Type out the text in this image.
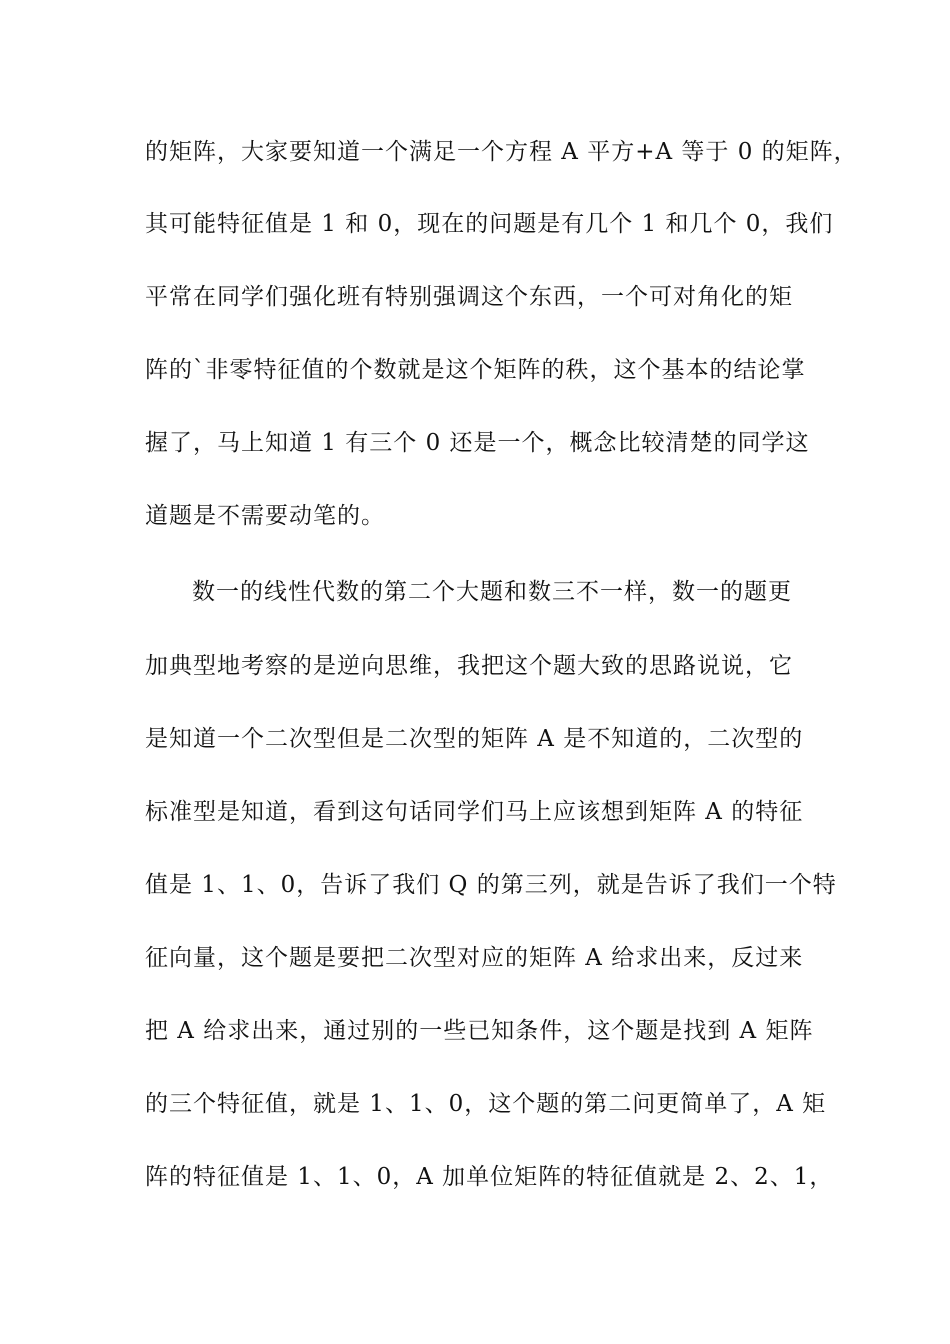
的矩阵，大家要知道一个满足一个方程 A 平方+A 等于 0 的矩阵，
其可能特征值是 1 和 0，现在的问题是有几个 1 和几个 0，我们
平常在同学们强化班有特别强调这个东西，一个可对角化的矩
阵的`非零特征值的个数就是这个矩阵的秩，这个基本的结论掌
握了，马上知道 1 有三个 0 还是一个，概念比较清楚的同学这
道题是不需要动笔的。
数一的线性代数的第二个大题和数三不一样，数一的题更
加典型地考察的是逆向思维，我把这个题大致的思路说说，它
是知道一个二次型但是二次型的矩阵 A 是不知道的，二次型的
标准型是知道，看到这句话同学们马上应该想到矩阵 A 的特征
值是 1、1、0，告诉了我们 Q 的第三列，就是告诉了我们一个特
征向量，这个题是要把二次型对应的矩阵 A 给求出来，反过来
把 A 给求出来，通过别的一些已知条件，这个题是找到 A 矩阵
的三个特征值，就是 1、1、0，这个题的第二问更简单了，A 矩
阵的特征值是 1、1、0，A 加单位矩阵的特征值就是 2、2、1，
